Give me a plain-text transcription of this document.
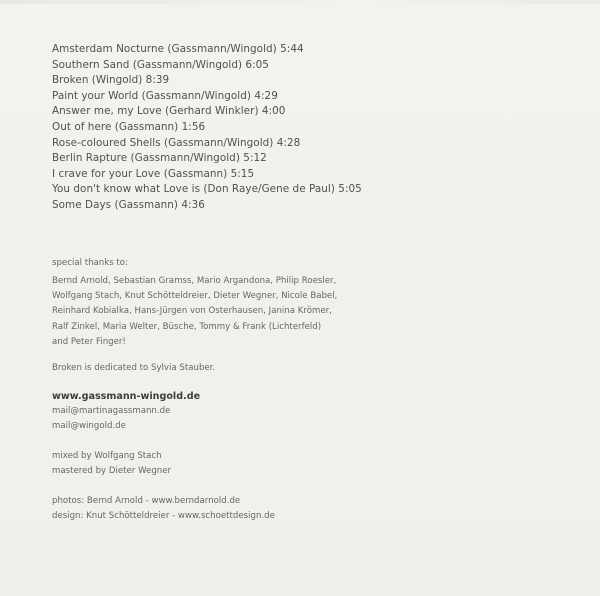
Amsterdam Nocturne (Gassmann/Wingold) 5:44
Southern Sand (Gassmann/Wingold) 6:05
Broken (Wingold) 8:39
Paint your World (Gassmann/Wingold) 4:29
Answer me, my Love (Gerhard Winkler) 4:00
Out of here (Gassmann) 1:56
Rose-coloured Shells (Gassmann/Wingold) 4:28
Berlin Rapture (Gassmann/Wingold) 5:12
I crave for your Love (Gassmann) 5:15
You don't know what Love is (Don Raye/Gene de Paul) 5:05
Some Days (Gassmann) 4:36
special thanks to:
Bernd Arnold, Sebastian Gramss, Mario Argandona, Philip Roesler,
Wolfgang Stach, Knut Schötteldreier, Dieter Wegner, Nicole Babel,
Reinhard Kobialka, Hans-Jürgen von Osterhausen, Janina Krömer,
Ralf Zinkel, Maria Welter, Büsche, Tommy & Frank (Lichterfeld)
and Peter Finger!
Broken is dedicated to Sylvia Stauber.
www.gassmann-wingold.de
mail@martinagassmann.de
mail@wingold.de
mixed by Wolfgang Stach
mastered by Dieter Wegner
photos: Bernd Arnold - www.berndarnold.de
design: Knut Schötteldreier - www.schoettdesign.de
